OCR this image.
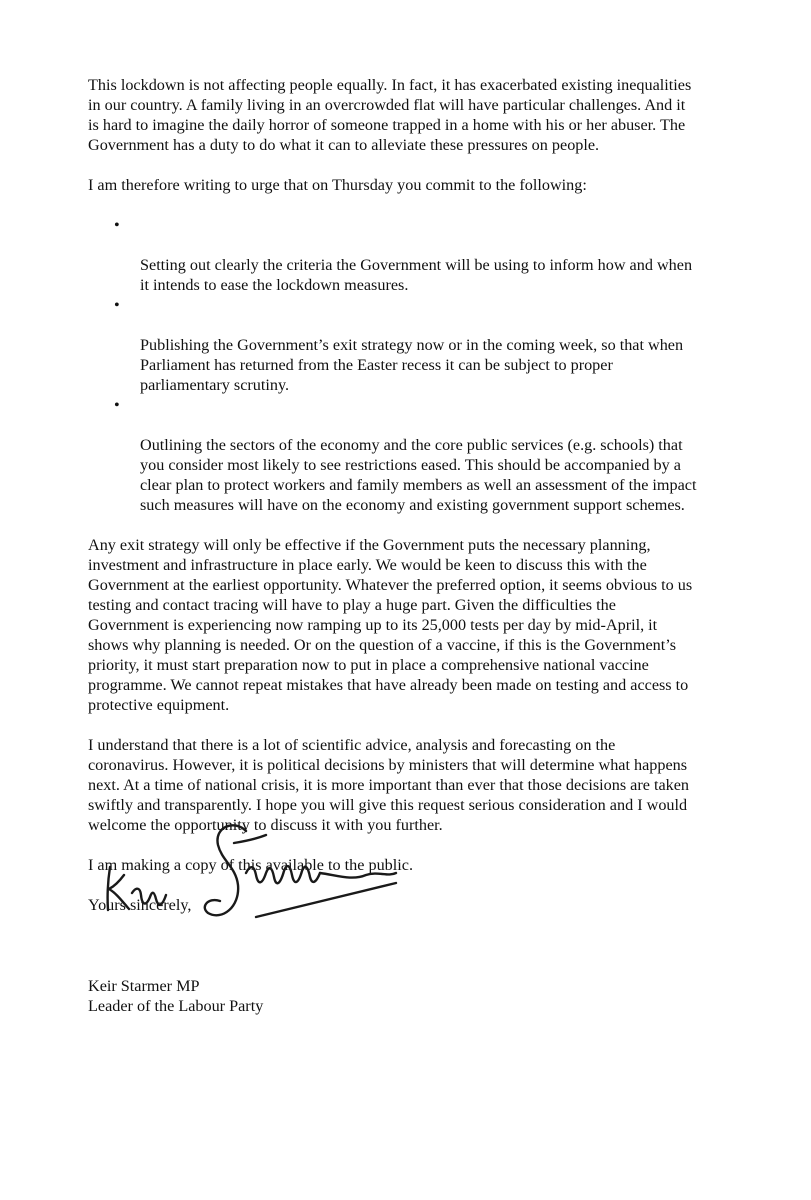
This lockdown is not affecting people equally. In fact, it has exacerbated existing inequalities
in our country. A family living in an overcrowded flat will have particular challenges. And it
is hard to imagine the daily horror of someone trapped in a home with his or her abuser. The
Government has a duty to do what it can to alleviate these pressures on people.

I am therefore writing to urge that on Thursday you commit to the following:

•

Setting out clearly the criteria the Government will be using to inform how and when
it intends to ease the lockdown measures.

•

Publishing the Government’s exit strategy now or in the coming week, so that when
Parliament has returned from the Easter recess it can be subject to proper
parliamentary scrutiny.

•

Outlining the sectors of the economy and the core public services (e.g. schools) that
you consider most likely to see restrictions eased. This should be accompanied by a
clear plan to protect workers and family members as well an assessment of the impact
such measures will have on the economy and existing government support schemes.

Any exit strategy will only be effective if the Government puts the necessary planning,
investment and infrastructure in place early. We would be keen to discuss this with the
Government at the earliest opportunity. Whatever the preferred option, it seems obvious to us
testing and contact tracing will have to play a huge part. Given the difficulties the
Government is experiencing now ramping up to its 25,000 tests per day by mid-April, it
shows why planning is needed. Or on the question of a vaccine, if this is the Government’s
priority, it must start preparation now to put in place a comprehensive national vaccine
programme. We cannot repeat mistakes that have already been made on testing and access to
protective equipment.

I understand that there is a lot of scientific advice, analysis and forecasting on the
coronavirus. However, it is political decisions by ministers that will determine what happens
next. At a time of national crisis, it is more important than ever that those decisions are taken
swiftly and transparently. I hope you will give this request serious consideration and I would
welcome the opportunity to discuss it with you further.

I am making a copy of this available to the public.

Yours sincerely,

Keir Starmer MP
Leader of the Labour Party
